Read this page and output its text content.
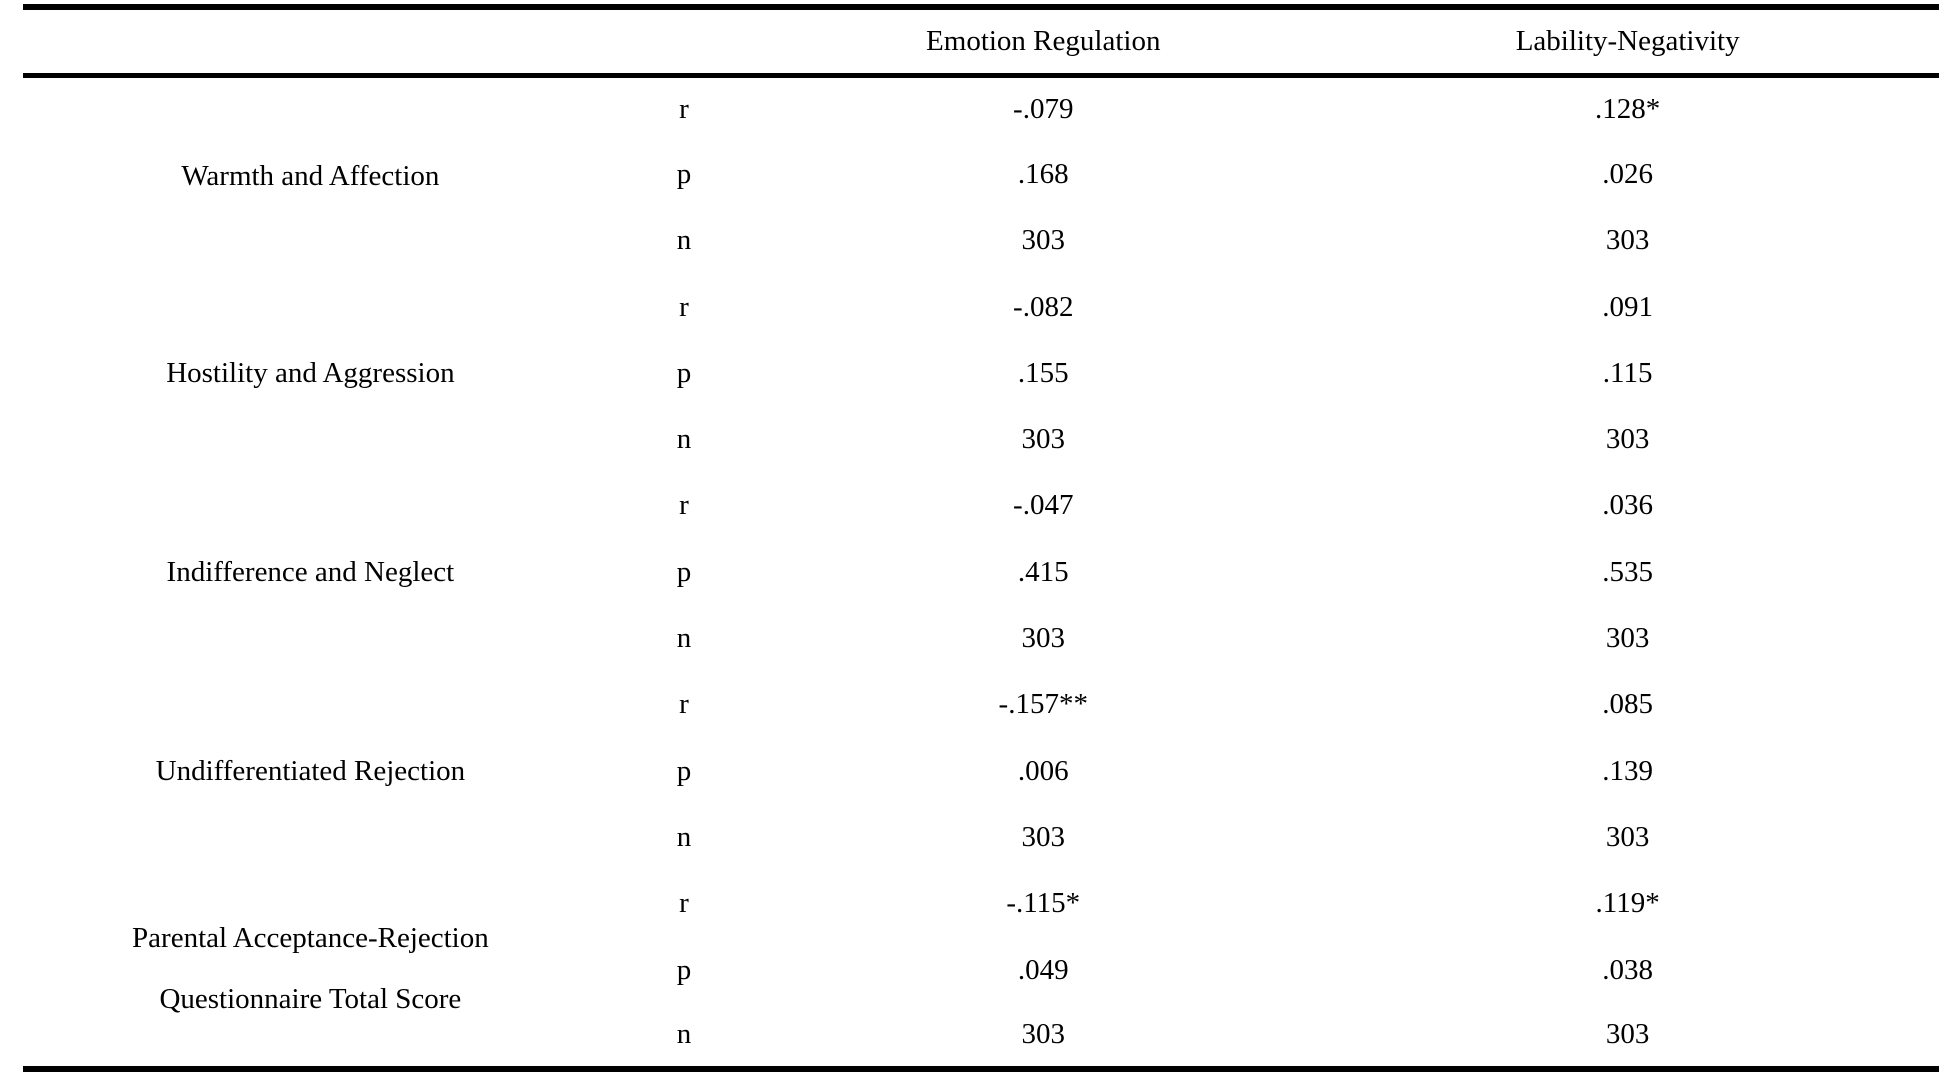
		Emotion Regulation	Lability-Negativity

Warmth and Affection	r	-.079	.128*
	p	.168	.026
	n	303	303

Hostility and Aggression	r	-.082	.091
	p	.155	.115
	n	303	303

Indifference and Neglect	r	-.047	.036
	p	.415	.535
	n	303	303

Undifferentiated Rejection	r	-.157**	.085
	p	.006	.139
	n	303	303

Parental Acceptance-Rejection Questionnaire Total Score	r	-.115*	.119*
	p	.049	.038
	n	303	303
